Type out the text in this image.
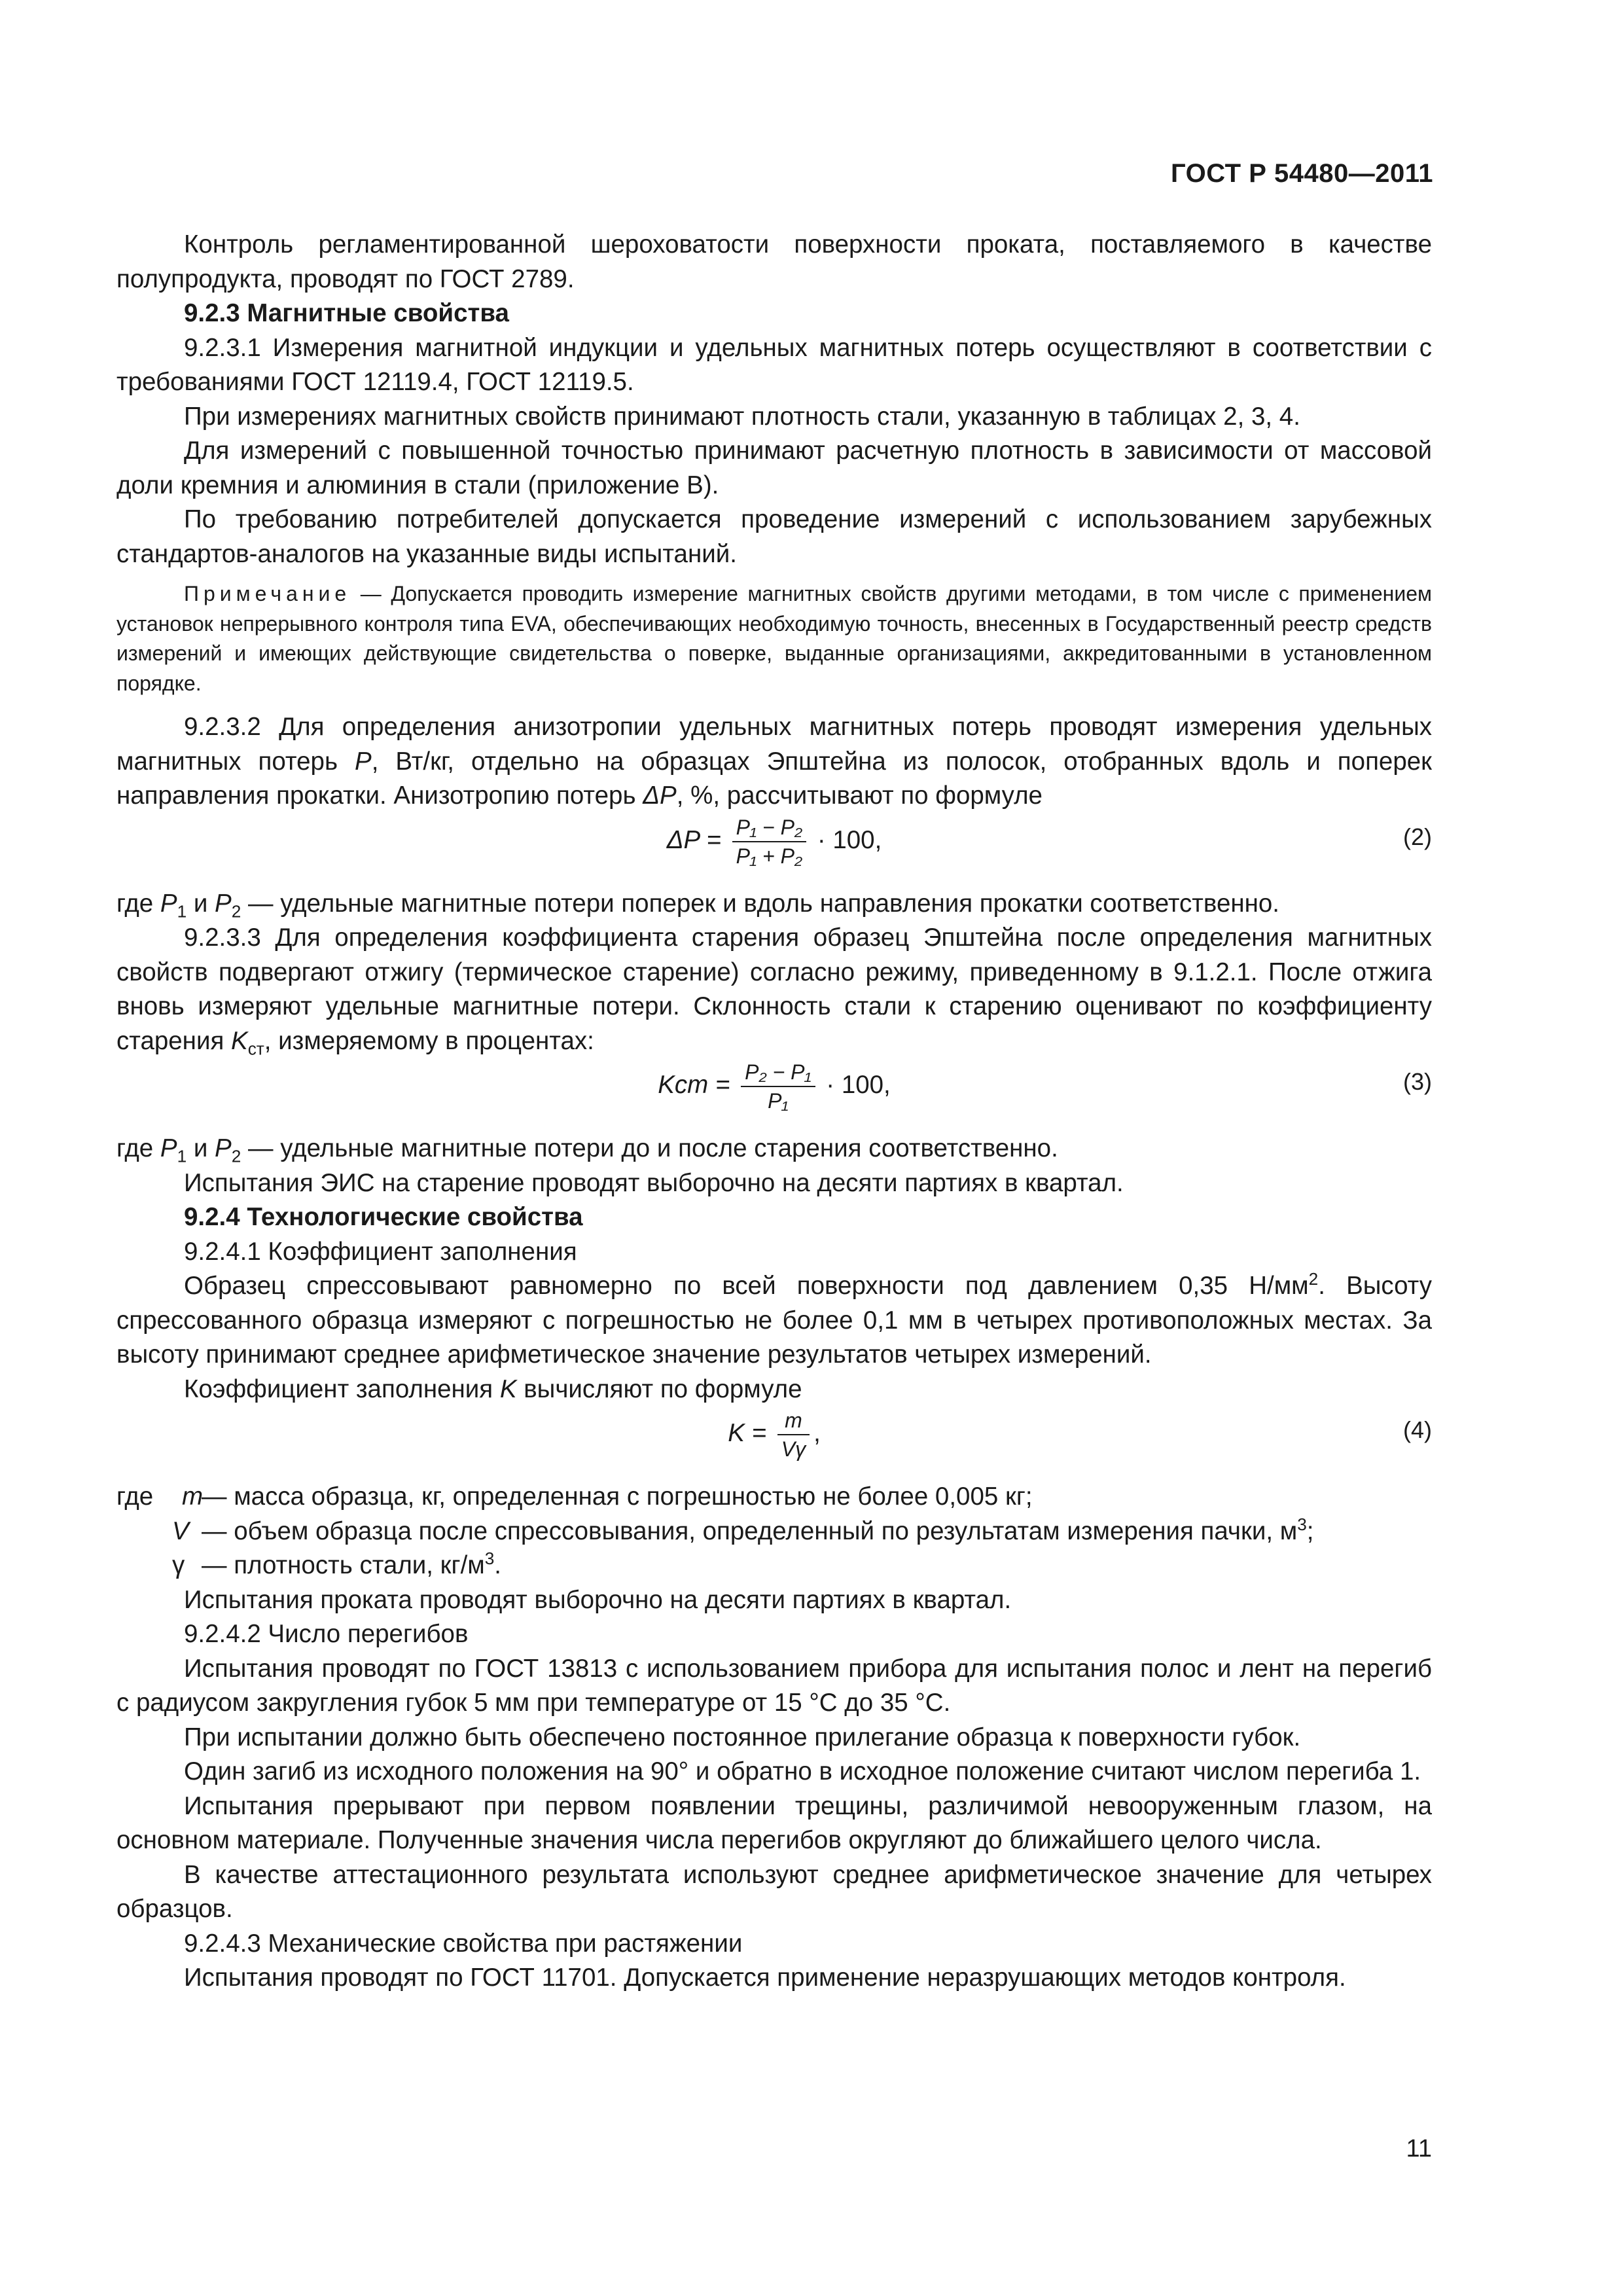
ГОСТ Р 54480—2011

Контроль регламентированной шероховатости поверхности проката, поставляемого в качестве полупродукта, проводят по ГОСТ 2789.

9.2.3 Магнитные свойства

9.2.3.1 Измерения магнитной индукции и удельных магнитных потерь осуществляют в соответствии с требованиями ГОСТ 12119.4, ГОСТ 12119.5.

При измерениях магнитных свойств принимают плотность стали, указанную в таблицах 2, 3, 4.

Для измерений с повышенной точностью принимают расчетную плотность в зависимости от массовой доли кремния и алюминия в стали (приложение В).

По требованию потребителей допускается проведение измерений с использованием зарубежных стандартов-аналогов на указанные виды испытаний.

Примечание — Допускается проводить измерение магнитных свойств другими методами, в том числе с применением установок непрерывного контроля типа EVA, обеспечивающих необходимую точность, внесенных в Государственный реестр средств измерений и имеющих действующие свидетельства о поверке, выданные организациями, аккредитованными в установленном порядке.

9.2.3.2 Для определения анизотропии удельных магнитных потерь проводят измерения удельных магнитных потерь P, Вт/кг, отдельно на образцах Эпштейна из полосок, отобранных вдоль и поперек направления прокатки. Анизотропию потерь ΔP, %, рассчитывают по формуле

$\Delta P = \frac{\text{P₁ − P₂}}{\text{P₁ + P₂}} \cdot 100$,	(2)

где $P_1$ и $P_2$ — удельные магнитные потери поперек и вдоль направления прокатки соответственно.

9.2.3.3 Для определения коэффициента старения образец Эпштейна после определения магнитных свойств подвергают отжигу (термическое старение) согласно режиму, приведенному в 9.1.2.1. После отжига вновь измеряют удельные магнитные потери. Склонность стали к старению оценивают по коэффициенту старения $K_{ст}$, измеряемому в процентах:

Kст = $\frac{\text{P₂ − P₁}}{\text{P₁}} \cdot 100$,	(3)

где $P_1$ и $P_2$ — удельные магнитные потери до и после старения соответственно.

Испытания ЭИС на старение проводят выборочно на десяти партиях в квартал.

9.2.4 Технологические свойства

9.2.4.1 Коэффициент заполнения

Образец спрессовывают равномерно по всей поверхности под давлением 0,35 $Н/мм^2$. Высоту спрессованного образца измеряют с погрешностью не более 0,1 мм в четырех противоположных местах. За высоту принимают среднее арифметическое значение результатов четырех измерений.

Коэффициент заполнения K вычисляют по формуле

$K = \frac{m}{V\gamma}$ ,	(4)
где m
— масса образца, кг, определенная с погрешностью не более 0,005 кг;
V — объем образца после спрессовывания, определенный по результатам измерения пачки, $м^3$;
γ — плотность стали, $кг/м^3$.

Испытания проката проводят выборочно на десяти партиях в квартал.

9.2.4.2 Число перегибов

Испытания проводят по ГОСТ 13813 с использованием прибора для испытания полос и лент на перегиб с радиусом закругления губок 5 мм при температуре от 15 °С до 35 °С.

При испытании должно быть обеспечено постоянное прилегание образца к поверхности губок.

Один загиб из исходного положения на 90° и обратно в исходное положение считают числом перегиба 1.

Испытания прерывают при первом появлении трещины, различимой невооруженным глазом, на основном материале. Полученные значения числа перегибов округляют до ближайшего целого числа.

В качестве аттестационного результата используют среднее арифметическое значение для четырех образцов.

9.2.4.3 Механические свойства при растяжении

Испытания проводят по ГОСТ 11701. Допускается применение неразрушающих методов контроля.

11
